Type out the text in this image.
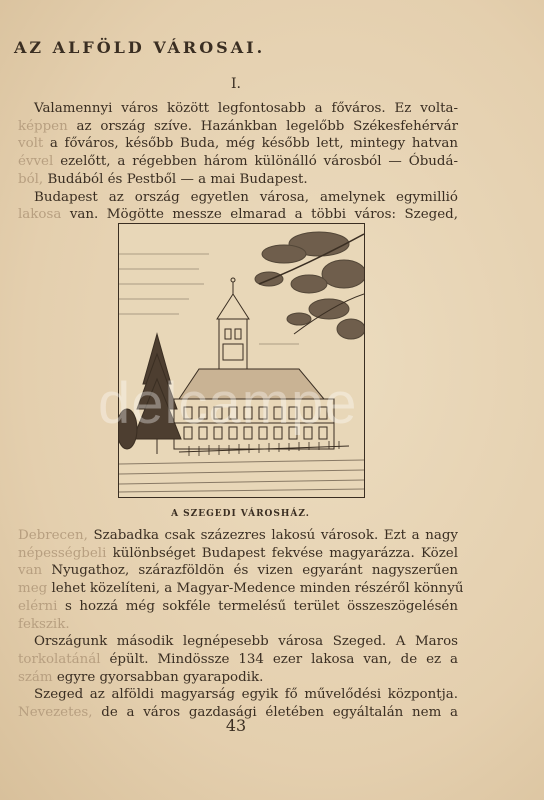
AZ ALFÖLD VÁROSAI.
I.
Valamennyi város között legfontosabb a főváros. Ez volta-
képpen az ország szíve. Hazánkban legelőbb Székesfehérvár
volt a főváros, később Buda, még később lett, mintegy hatvan
évvel ezelőtt, a régebben három különálló városból — Óbudá-
ból, Budából és Pestből — a mai Budapest.
Budapest az ország egyetlen városa, amelynek egymillió
lakosa van. Mögötte messze elmarad a többi város: Szeged,
A SZEGEDI VÁROSHÁZ.
Debrecen, Szabadka csak százezres lakosú városok. Ezt a nagy
népességbeli különbséget Budapest fekvése magyarázza. Közel
van Nyugathoz, szárazföldön és vizen egyaránt nagyszerűen
meg lehet közelíteni, a Magyar-Medence minden részéről könnyű
elérni s hozzá még sokféle termelésű terület összeszögelésén
fekszik.
Országunk második legnépesebb városa Szeged. A Maros
torkolatánál épült. Mindössze 134 ezer lakosa van, de ez a
szám egyre gyorsabban gyarapodik.
Szeged az alföldi magyarság egyik fő művelődési központja.
Nevezetes, de a város gazdasági életében egyáltalán nem a
43
delcampe
